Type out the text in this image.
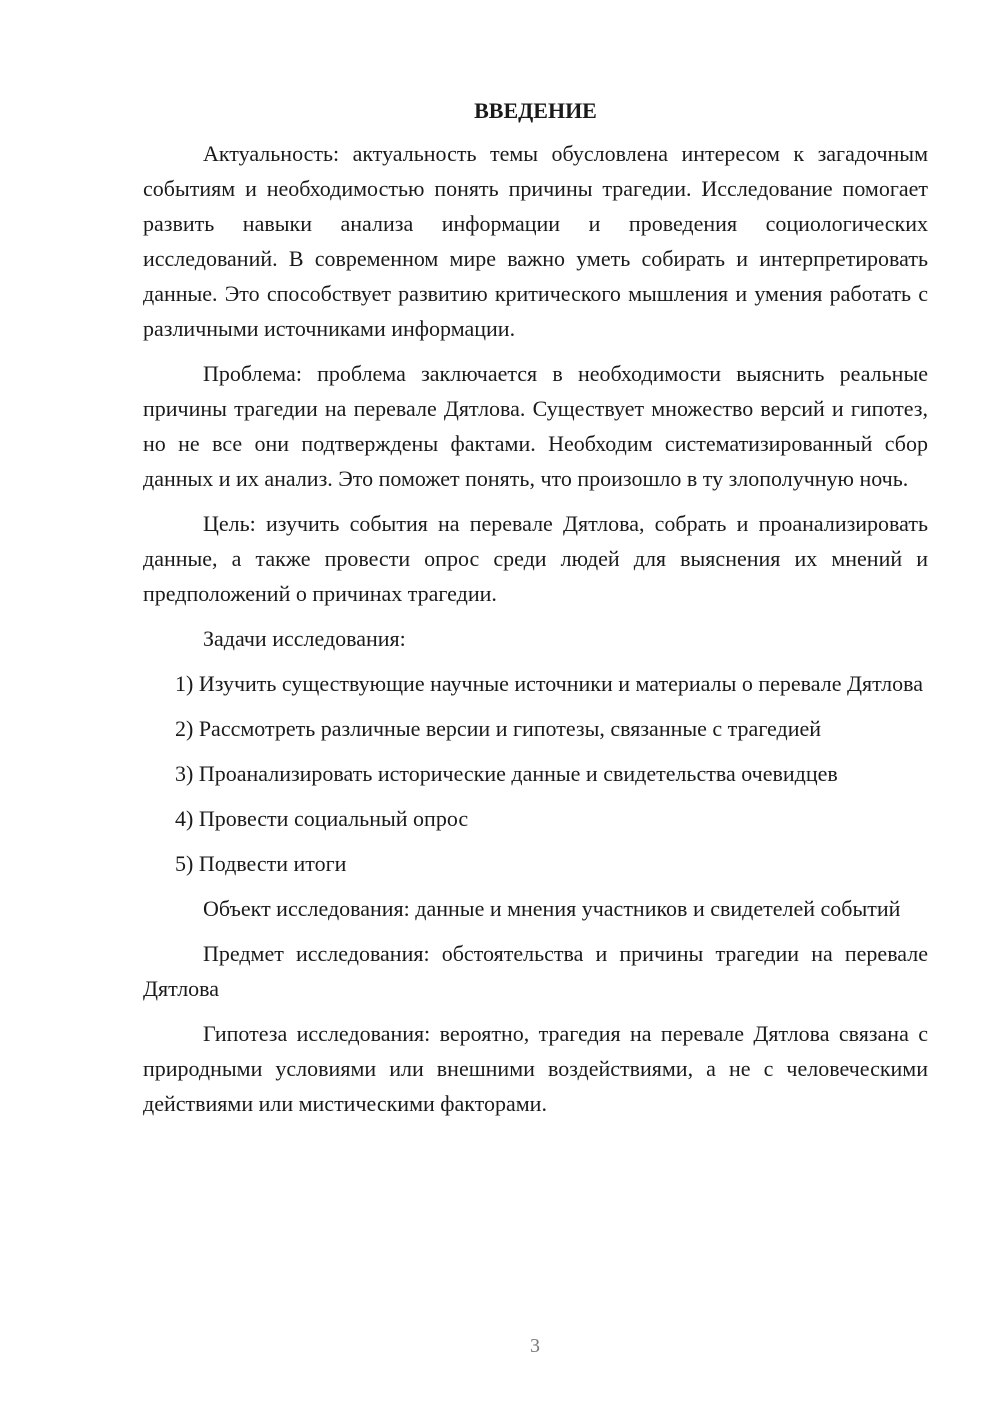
ВВЕДЕНИЕ

Актуальность: актуальность темы обусловлена интересом к загадочным событиям и необходимостью понять причины трагедии. Исследование помогает развить навыки анализа информации и проведения социологических исследований. В современном мире важно уметь собирать и интерпретировать данные. Это способствует развитию критического мышления и умения работать с различными источниками информации.

Проблема: проблема заключается в необходимости выяснить реальные причины трагедии на перевале Дятлова. Существует множество версий и гипотез, но не все они подтверждены фактами. Необходим систематизированный сбор данных и их анализ. Это поможет понять, что произошло в ту злополучную ночь.

Цель: изучить события на перевале Дятлова, собрать и проанализировать данные, а также провести опрос среди людей для выяснения их мнений и предположений о причинах трагедии.

Задачи исследования:

1) Изучить существующие научные источники и материалы о перевале Дятлова
2) Рассмотреть различные версии и гипотезы, связанные с трагедией
3) Проанализировать исторические данные и свидетельства очевидцев
4) Провести социальный опрос
5) Подвести итоги

Объект исследования: данные и мнения участников и свидетелей событий

Предмет исследования: обстоятельства и причины трагедии на перевале Дятлова

Гипотеза исследования: вероятно, трагедия на перевале Дятлова связана с природными условиями или внешними воздействиями, а не с человеческими действиями или мистическими факторами.

3
